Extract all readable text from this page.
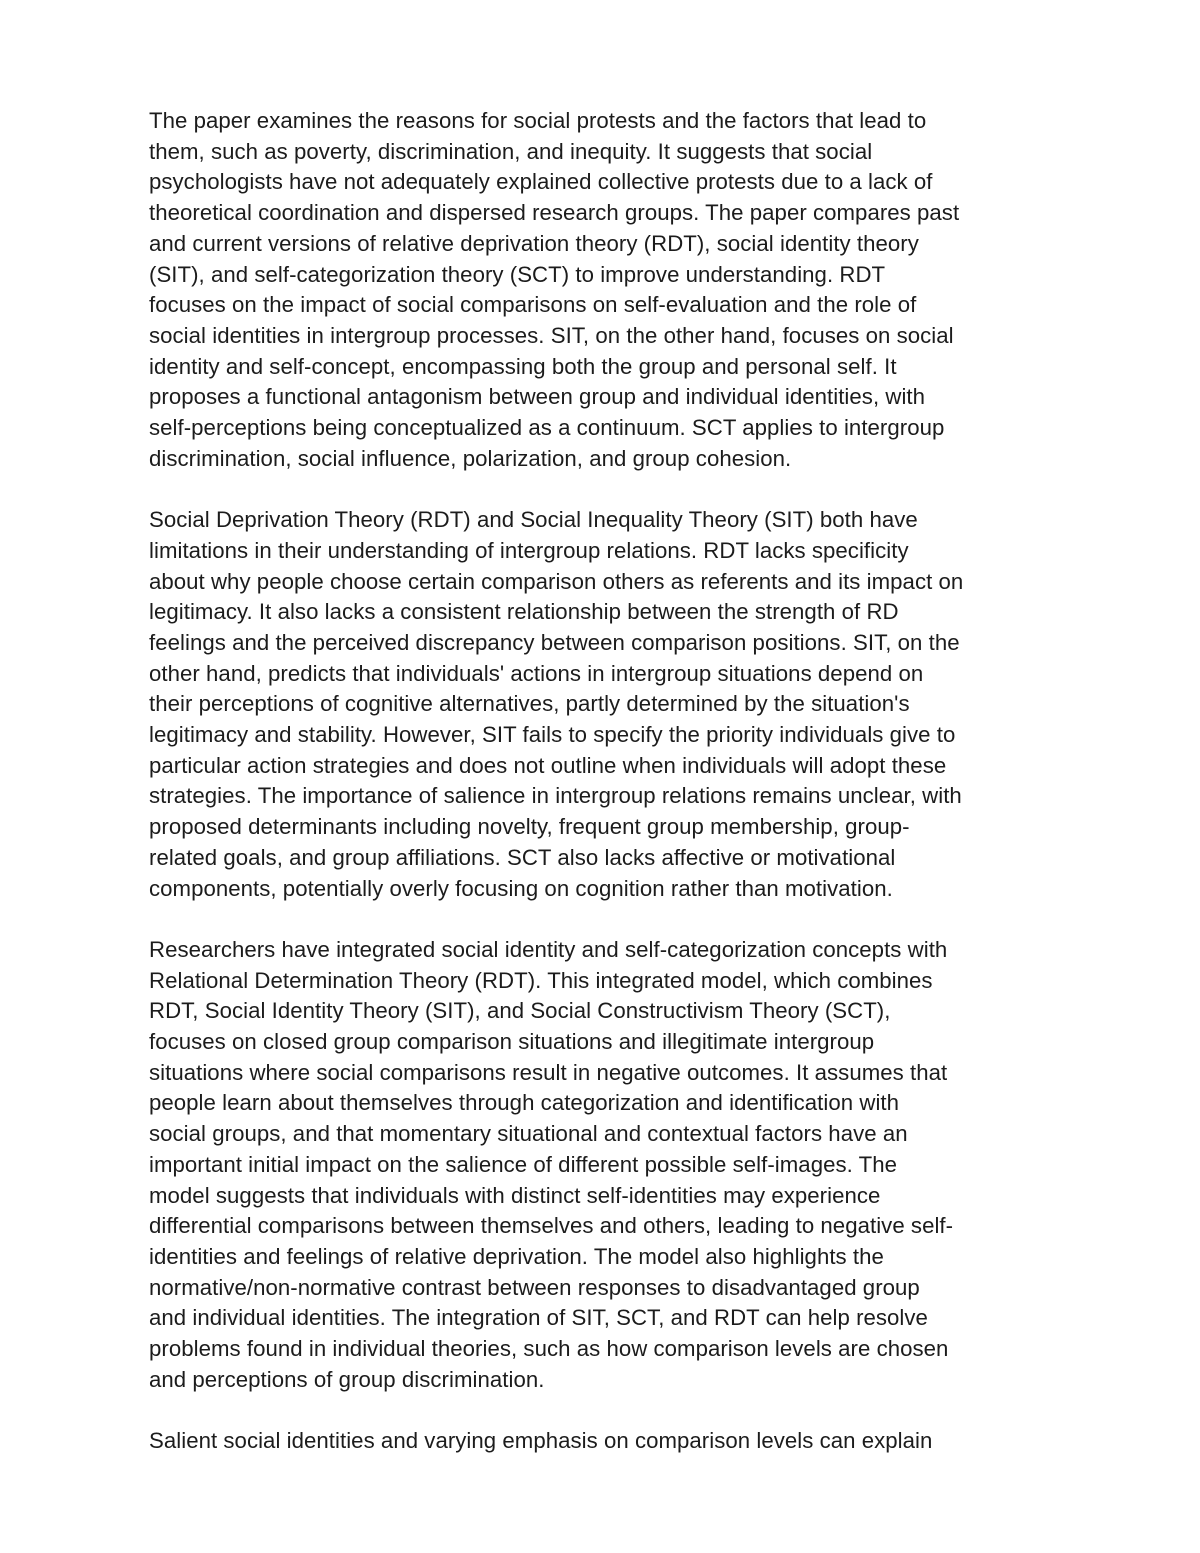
The paper examines the reasons for social protests and the factors that lead to
them, such as poverty, discrimination, and inequity. It suggests that social
psychologists have not adequately explained collective protests due to a lack of
theoretical coordination and dispersed research groups. The paper compares past
and current versions of relative deprivation theory (RDT), social identity theory
(SIT), and self-categorization theory (SCT) to improve understanding. RDT
focuses on the impact of social comparisons on self-evaluation and the role of
social identities in intergroup processes. SIT, on the other hand, focuses on social
identity and self-concept, encompassing both the group and personal self. It
proposes a functional antagonism between group and individual identities, with
self-perceptions being conceptualized as a continuum. SCT applies to intergroup
discrimination, social influence, polarization, and group cohesion.

Social Deprivation Theory (RDT) and Social Inequality Theory (SIT) both have
limitations in their understanding of intergroup relations. RDT lacks specificity
about why people choose certain comparison others as referents and its impact on
legitimacy. It also lacks a consistent relationship between the strength of RD
feelings and the perceived discrepancy between comparison positions. SIT, on the
other hand, predicts that individuals' actions in intergroup situations depend on
their perceptions of cognitive alternatives, partly determined by the situation's
legitimacy and stability. However, SIT fails to specify the priority individuals give to
particular action strategies and does not outline when individuals will adopt these
strategies. The importance of salience in intergroup relations remains unclear, with
proposed determinants including novelty, frequent group membership, group-
related goals, and group affiliations. SCT also lacks affective or motivational
components, potentially overly focusing on cognition rather than motivation.

Researchers have integrated social identity and self-categorization concepts with
Relational Determination Theory (RDT). This integrated model, which combines
RDT, Social Identity Theory (SIT), and Social Constructivism Theory (SCT),
focuses on closed group comparison situations and illegitimate intergroup
situations where social comparisons result in negative outcomes. It assumes that
people learn about themselves through categorization and identification with
social groups, and that momentary situational and contextual factors have an
important initial impact on the salience of different possible self-images. The
model suggests that individuals with distinct self-identities may experience
differential comparisons between themselves and others, leading to negative self-
identities and feelings of relative deprivation. The model also highlights the
normative/non-normative contrast between responses to disadvantaged group
and individual identities. The integration of SIT, SCT, and RDT can help resolve
problems found in individual theories, such as how comparison levels are chosen
and perceptions of group discrimination.

Salient social identities and varying emphasis on comparison levels can explain
